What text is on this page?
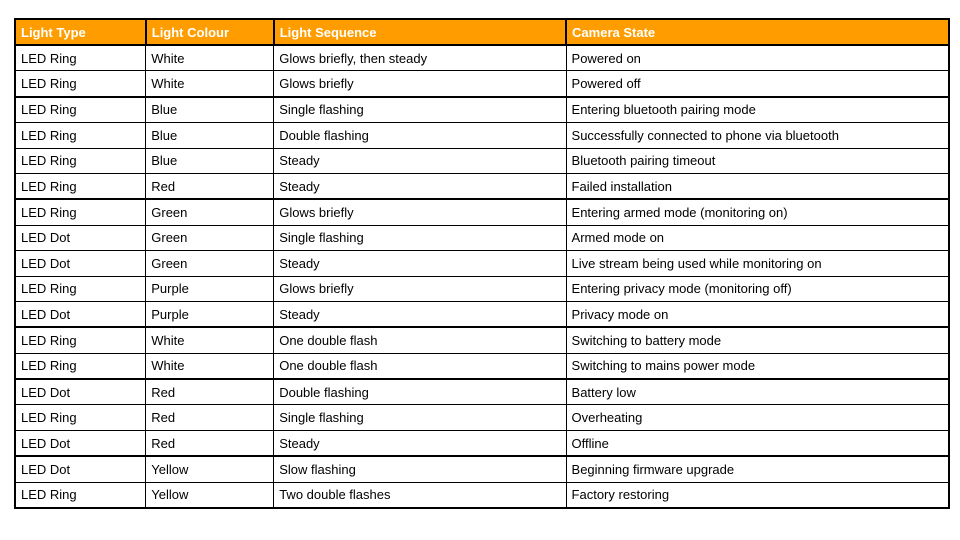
Light Type	Light Colour	Light Sequence	Camera State
LED Ring	White	Glows briefly, then steady	Powered on
LED Ring	White	Glows briefly	Powered off
LED Ring	Blue	Single flashing	Entering bluetooth pairing mode
LED Ring	Blue	Double flashing	Successfully connected to phone via bluetooth
LED Ring	Blue	Steady	Bluetooth pairing timeout
LED Ring	Red	Steady	Failed installation
LED Ring	Green	Glows briefly	Entering armed mode (monitoring on)
LED Dot	Green	Single flashing	Armed mode on
LED Dot	Green	Steady	Live stream being used while monitoring on
LED Ring	Purple	Glows briefly	Entering privacy mode (monitoring off)
LED Dot	Purple	Steady	Privacy mode on
LED Ring	White	One double flash	Switching to battery mode
LED Ring	White	One double flash	Switching to mains power mode
LED Dot	Red	Double flashing	Battery low
LED Ring	Red	Single flashing	Overheating
LED Dot	Red	Steady	Offline
LED Dot	Yellow	Slow flashing	Beginning firmware upgrade
LED Ring	Yellow	Two double flashes	Factory restoring
